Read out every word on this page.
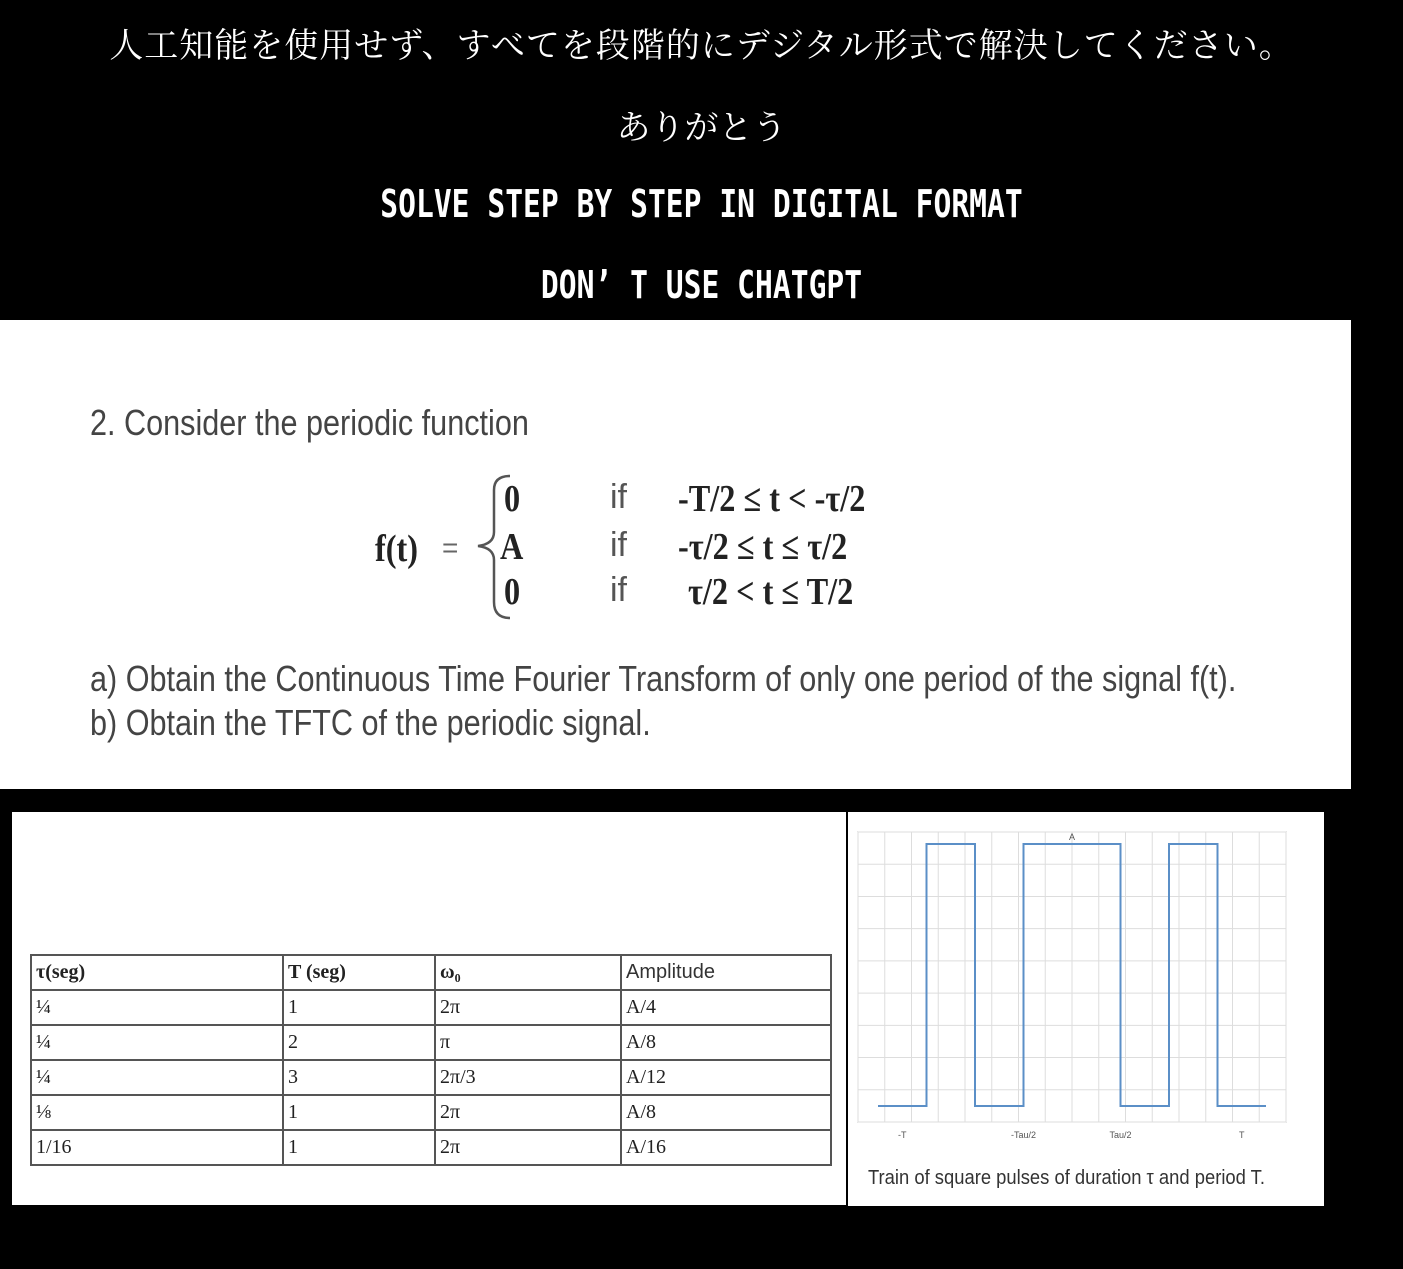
人工知能を使用せず、すべてを段階的にデジタル形式で解決してください。
ありがとう
SOLVE STEP BY STEP IN DIGITAL FORMAT
DON’ T USE CHATGPT
2. Consider the periodic function
f(t) =
0	if -T/2 ≤ t < -τ/2
A	if -τ/2 ≤ t ≤ τ/2
0	if τ/2 < t ≤ T/2
a) Obtain the Continuous Time Fourier Transform of only one period of the signal f(t).
b) Obtain the TFTC of the periodic signal.
τ(seg)	T (seg)	ω₀	Amplitude
¼	1	2π	A/4
¼	2	π	A/8
¼	3	2π/3	A/12
⅛	1	2π	A/8
1/16	1	2π	A/16
A
-T	-Tau/2	Tau/2	T
Train of square pulses of duration τ and period T.
